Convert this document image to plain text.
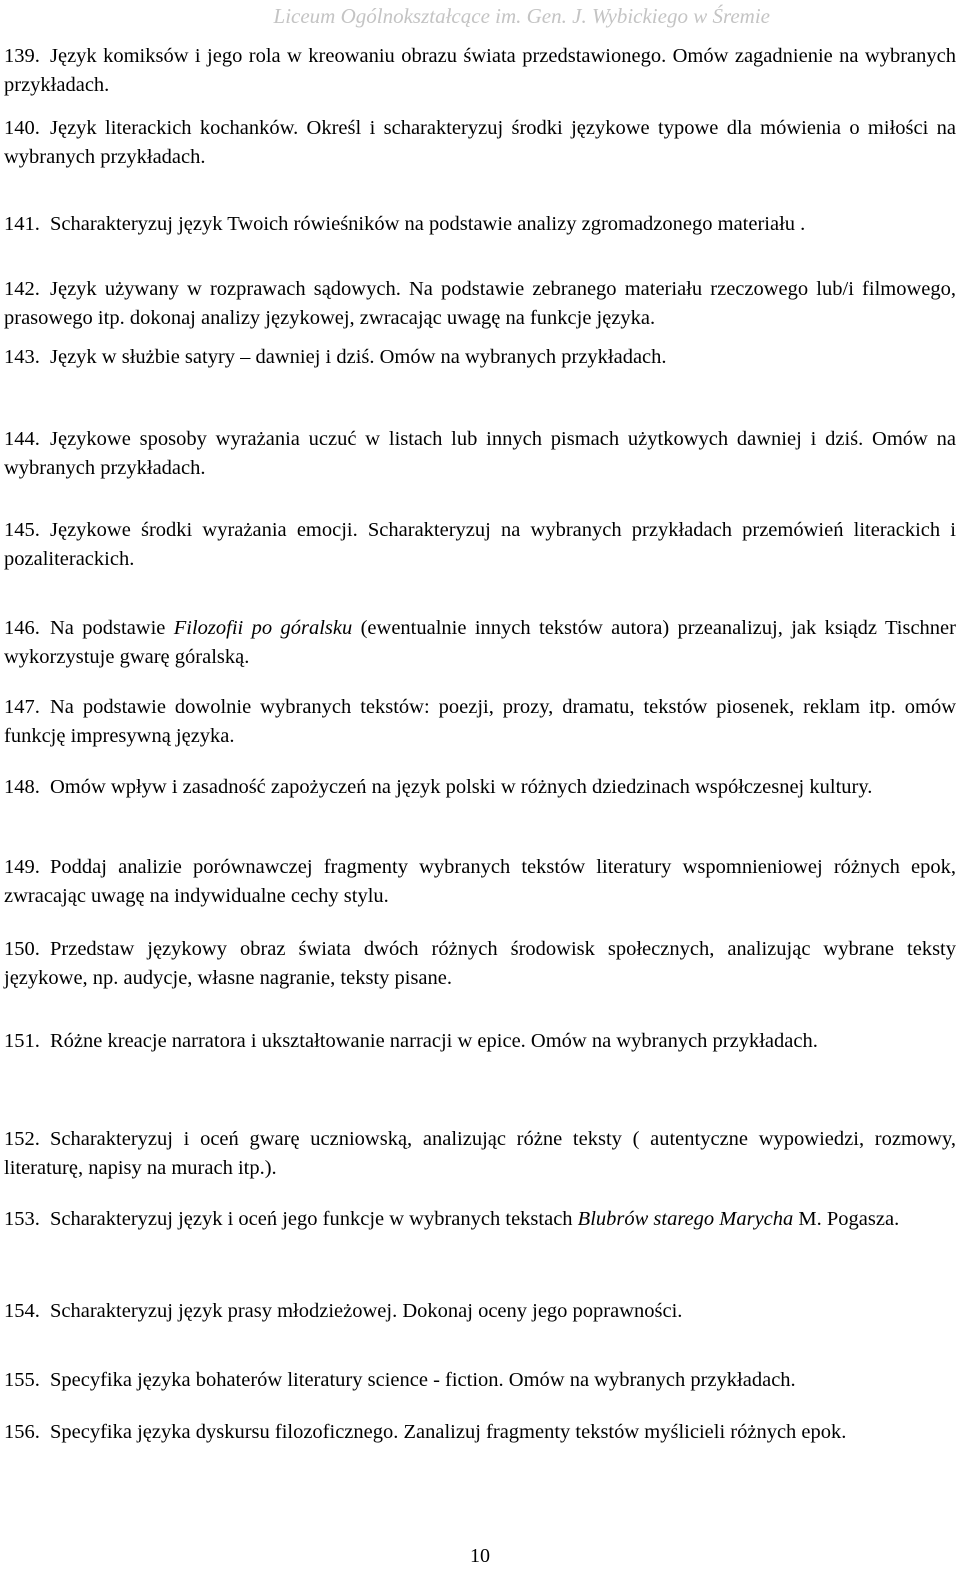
Liceum Ogólnokształcące im. Gen. J. Wybickiego w Śremie
139. Język komiksów i jego rola w kreowaniu obrazu świata przedstawionego. Omów zagadnienie na wybranych przykładach.
140. Język literackich kochanków. Określ i scharakteryzuj środki językowe typowe dla mówienia o miłości na wybranych przykładach.
141. Scharakteryzuj język Twoich rówieśników na podstawie analizy zgromadzonego materiału .
142. Język używany w rozprawach sądowych. Na podstawie zebranego materiału rzeczowego lub/i filmowego, prasowego itp. dokonaj analizy językowej, zwracając uwagę na funkcje języka.
143. Język w służbie satyry – dawniej i dziś. Omów na wybranych przykładach.
144. Językowe sposoby wyrażania uczuć w listach lub innych pismach użytkowych dawniej i dziś. Omów na wybranych przykładach.
145. Językowe środki wyrażania emocji. Scharakteryzuj na wybranych przykładach przemówień literackich i pozaliterackich.
146. Na podstawie Filozofii po góralsku (ewentualnie innych tekstów autora) przeanalizuj, jak ksiądz Tischner wykorzystuje gwarę góralską.
147. Na podstawie dowolnie wybranych tekstów: poezji, prozy, dramatu, tekstów piosenek, reklam itp. omów funkcję impresywną języka.
148. Omów wpływ i zasadność zapożyczeń na język polski w różnych dziedzinach współczesnej kultury.
149. Poddaj analizie porównawczej fragmenty wybranych tekstów literatury wspomnieniowej różnych epok, zwracając uwagę na indywidualne cechy stylu.
150. Przedstaw językowy obraz świata dwóch różnych środowisk społecznych, analizując wybrane teksty językowe, np. audycje, własne nagranie, teksty pisane.
151. Różne kreacje narratora i ukształtowanie narracji w epice. Omów na wybranych przykładach.
152. Scharakteryzuj i oceń gwarę uczniowską, analizując różne teksty ( autentyczne wypowiedzi, rozmowy, literaturę, napisy na murach itp.).
153. Scharakteryzuj język i oceń jego funkcje w wybranych tekstach Blubrów starego Marycha M. Pogasza.
154. Scharakteryzuj język prasy młodzieżowej. Dokonaj oceny jego poprawności.
155. Specyfika języka bohaterów literatury science - fiction. Omów na wybranych przykładach.
156. Specyfika języka dyskursu filozoficznego. Zanalizuj fragmenty tekstów myślicieli różnych epok.
10
